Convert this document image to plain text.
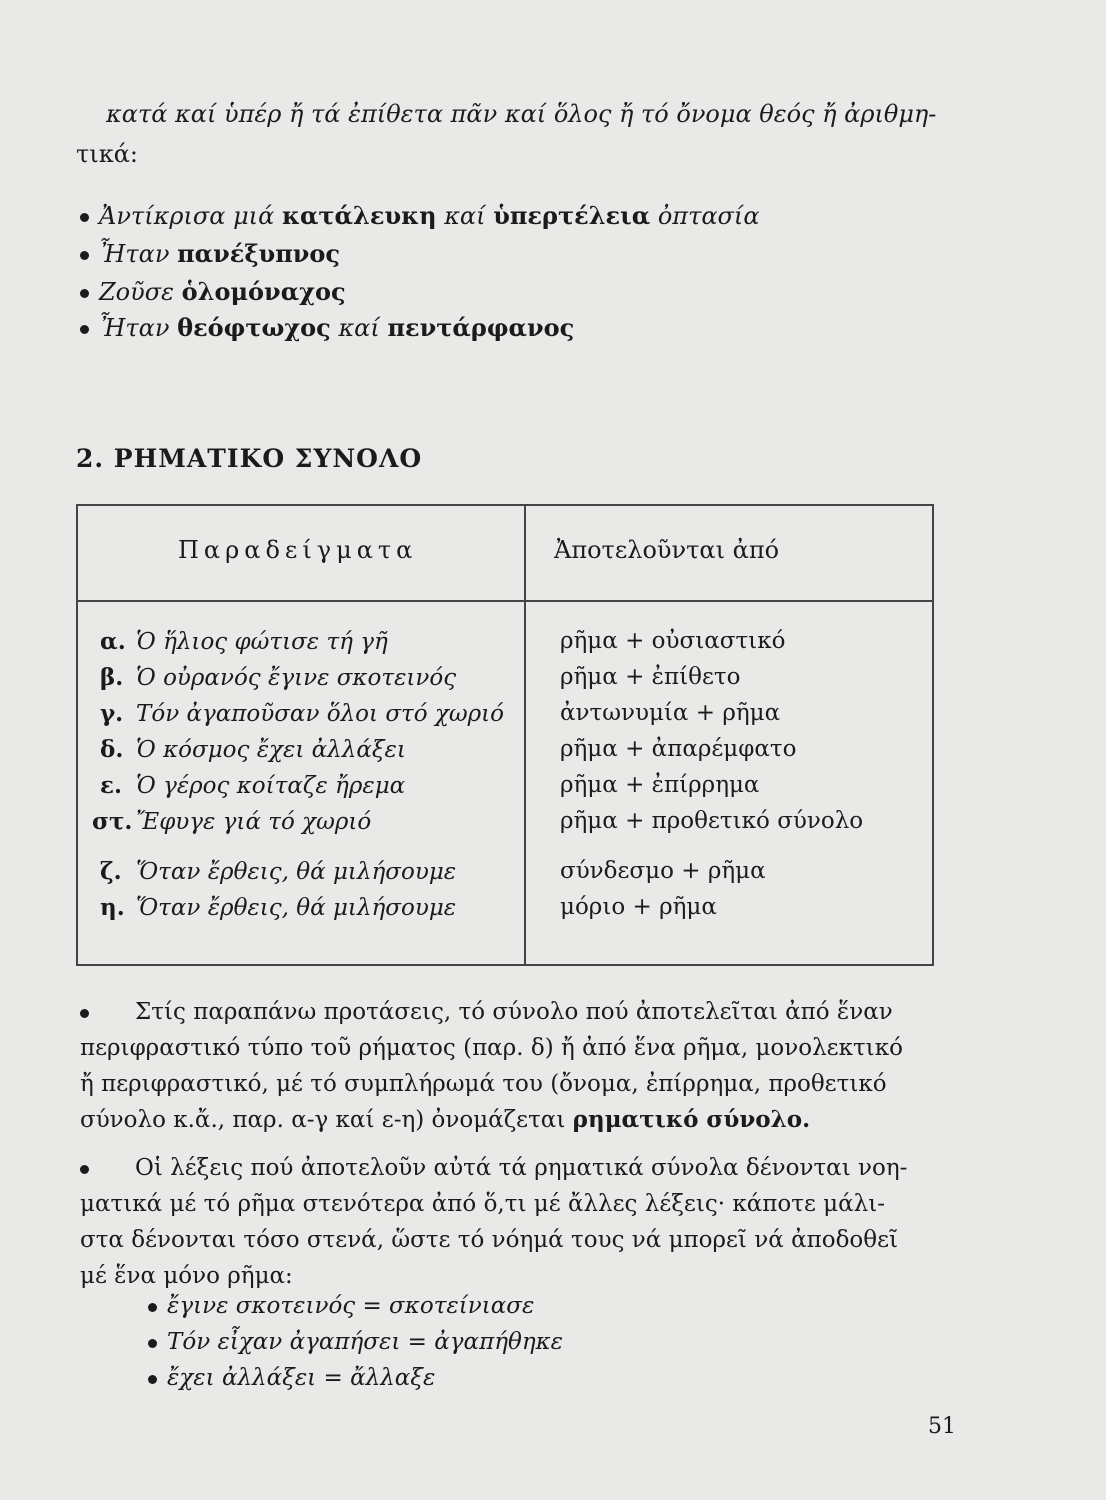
κατά καί ὑπέρ ἤ τά ἐπίθετα πᾶν καί ὅλος ἤ τό ὄνομα θεός ἤ ἀριθμη-
τικά:
Ἀντίκρισα μιά κατάλευκη καί ὑπερτέλεια ὀπτασία
Ἦταν πανέξυπνος
Ζοῦσε ὁλομόναχος
Ἦταν θεόφτωχος καί πεντάρφανος
2. ΡΗΜΑΤΙΚΟ ΣΥΝΟΛΟ
Παραδείγματα	Ἀποτελοῦνται ἀπό
α. Ὁ ἥλιος φώτισε τή γῆ
β. Ὁ οὐρανός ἔγινε σκοτεινός
γ. Τόν ἀγαποῦσαν ὅλοι στό χωριό
δ. Ὁ κόσμος ἔχει ἀλλάξει
ε. Ὁ γέρος κοίταζε ἤρεμα
στ. Ἔφυγε γιά τό χωριό
ζ. Ὅταν ἔρθεις, θά μιλήσουμε
η. Ὅταν ἔρθεις, θά μιλήσουμε
ρῆμα + οὐσιαστικό
ρῆμα + ἐπίθετο
ἀντωνυμία + ρῆμα
ρῆμα + ἀπαρέμφατο
ρῆμα + ἐπίρρημα
ρῆμα + προθετικό σύνολο
σύνδεσμο + ρῆμα
μόριο + ρῆμα
Στίς παραπάνω προτάσεις, τό σύνολο πού ἀποτελεῖται ἀπό ἕναν
περιφραστικό τύπο τοῦ ρήματος (παρ. δ) ἤ ἀπό ἕνα ρῆμα, μονολεκτικό
ἤ περιφραστικό, μέ τό συμπλήρωμά του (ὄνομα, ἐπίρρημα, προθετικό
σύνολο κ.ἄ., παρ. α-γ καί ε-η) ὀνομάζεται ρηματικό σύνολο.
Οἱ λέξεις πού ἀποτελοῦν αὐτά τά ρηματικά σύνολα δένονται νοη-
ματικά μέ τό ρῆμα στενότερα ἀπό ὅ,τι μέ ἄλλες λέξεις· κάποτε μάλι-
στα δένονται τόσο στενά, ὥστε τό νόημά τους νά μπορεῖ νά ἀποδοθεῖ
μέ ἕνα μόνο ρῆμα:
ἔγινε σκοτεινός = σκοτείνιασε
Τόν εἶχαν ἀγαπήσει = ἀγαπήθηκε
ἔχει ἀλλάξει = ἄλλαξε
51
